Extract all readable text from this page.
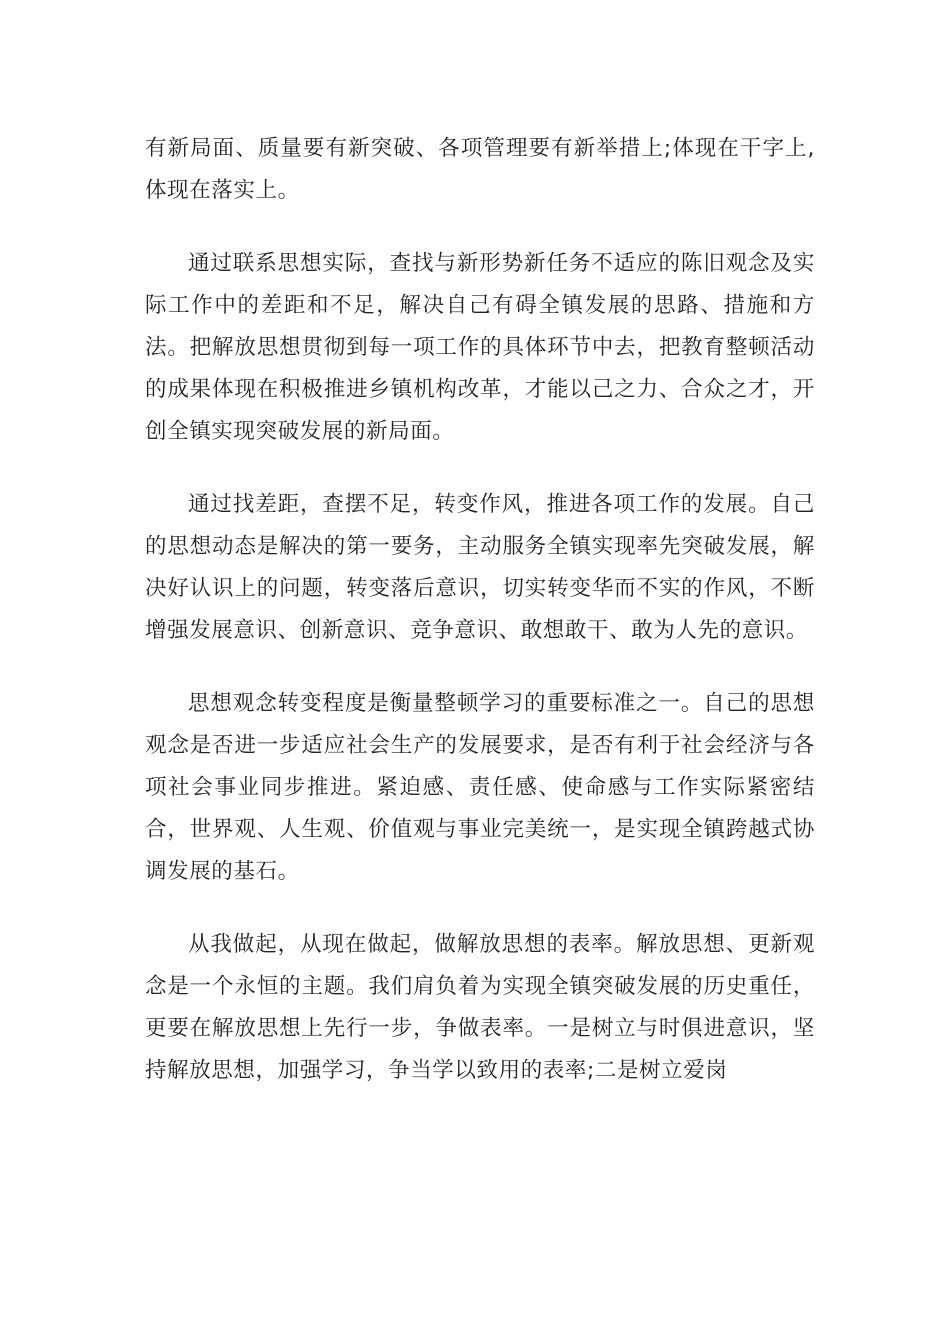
有新局面、质量要有新突破、各项管理要有新举措上;体现在干字上,体现在落实上。

通过联系思想实际，查找与新形势新任务不适应的陈旧观念及实际工作中的差距和不足，解决自己有碍全镇发展的思路、措施和方法。把解放思想贯彻到每一项工作的具体环节中去，把教育整顿活动的成果体现在积极推进乡镇机构改革，才能以己之力、合众之才，开创全镇实现突破发展的新局面。

通过找差距，查摆不足，转变作风，推进各项工作的发展。自己的思想动态是解决的第一要务，主动服务全镇实现率先突破发展，解决好认识上的问题，转变落后意识，切实转变华而不实的作风，不断增强发展意识、创新意识、竞争意识、敢想敢干、敢为人先的意识。

思想观念转变程度是衡量整顿学习的重要标准之一。自己的思想观念是否进一步适应社会生产的发展要求，是否有利于社会经济与各项社会事业同步推进。紧迫感、责任感、使命感与工作实际紧密结合，世界观、人生观、价值观与事业完美统一，是实现全镇跨越式协调发展的基石。

从我做起，从现在做起，做解放思想的表率。解放思想、更新观念是一个永恒的主题。我们肩负着为实现全镇突破发展的历史重任，更要在解放思想上先行一步，争做表率。一是树立与时俱进意识，坚持解放思想，加强学习，争当学以致用的表率;二是树立爱岗
